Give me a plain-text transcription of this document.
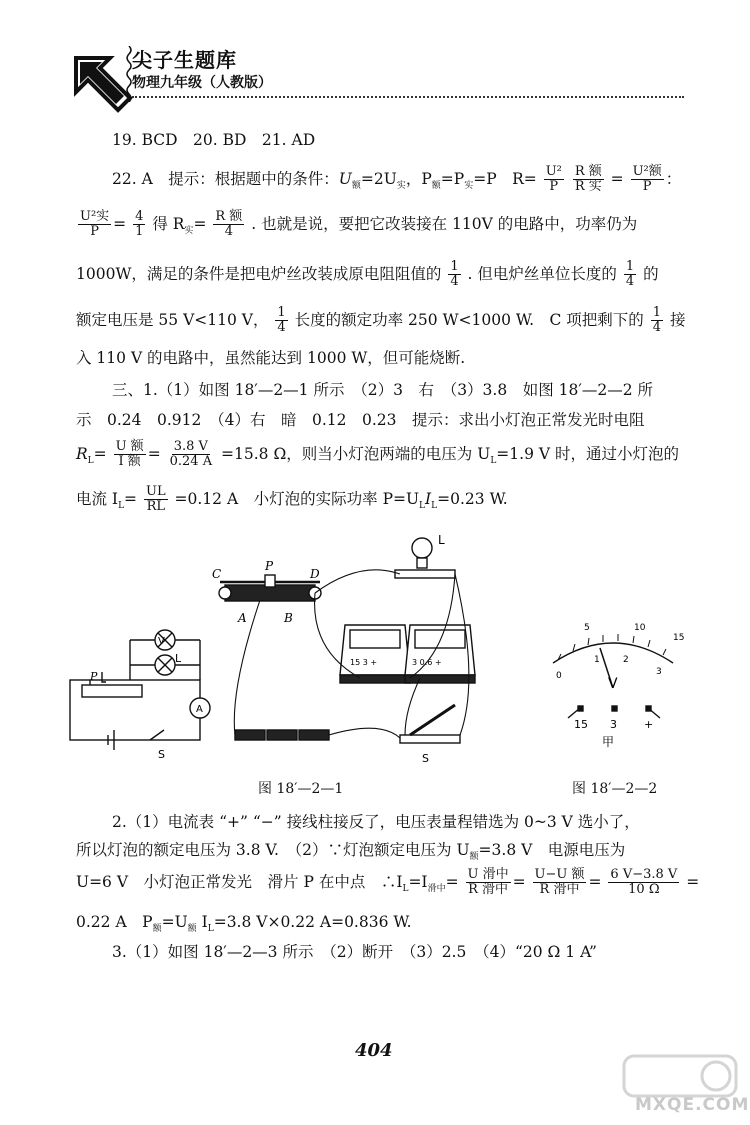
尖子生题库
物理九年级（人教版）
19. BCD　20. BD　21. AD
22. A　提示：根据题中的条件：$U_额=2U_实$，$P_额=P_实=P$　$R= \frac{\text{U²}}{P}$
$\frac{\text{R 额}}{\text{R 实}} = \frac{\text{U²额}}{P}$ ：
$\frac{\text{U²实}}{P} = \frac{4}{1}$ 得 $R_实= \frac{\text{R 额}}{4}$ . 也就是说，要把它改装接在 110V 的电路中，功率仍为
1000W，满足的条件是把电炉丝改装成原电阻阻值的 $\frac{1}{4}$ . 但电炉丝单位长度的 $\frac{1}{4}$ 的
额定电压是 55 V<110 V， $\frac{1}{4}$ 长度的额定功率 250 W<1000 W.　C 项把剩下的 $\frac{1}{4}$ 接
入 110 V 的电路中，虽然能达到 1000 W，但可能烧断.
三、1.（1）如图 18′—2—1 所示　（2）3　右　（3）3.8　如图 18′—2—2 所
示　0.24　0.912　（4）右　暗　0.12　0.23　提示：求出小灯泡正常发光时电阻
$R_L= \frac{\text{U 额}}{\text{I 额}} = \frac{3.8 V}{0.24 A} =15.8$ Ω，则当小灯泡两端的电压为 $U_L=1.9$ V 时，通过小灯泡的
电流 $I_L= \frac{UL}{RL} =0.12$ A　小灯泡的实际功率 $P=U_LI_L=0.23$ W.
V
L
P
A
S
C
P
D
A	B
L
15 3 +	3 0.6 +
S
5	10
15
0
1	2
3
V
15 3 +
甲
图 18′—2—1	图 18′—2—2
2.（1）电流表 “+” “−” 接线柱接反了，电压表量程错选为 0~3 V 选小了，
所以灯泡的额定电压为 3.8 V.　（2）∵灯泡额定电压为 $U_额=3.8$ V　电源电压为
U=6 V　小灯泡正常发光　滑片 P 在中点　$\therefore I_L=I_{滑中}= \frac{\text{U 滑中}}{\text{R 滑中}} = \frac{\text{U−U 额}}{\text{R 滑中}} = \frac{6 V-3.8 V}{10 \Omega}$ =
0.22 A　$P_额=U_额$ $I_L=3.8$ V×0.22 A=0.836 W.
3.（1）如图 18′—2—3 所示　（2）断开　（3）2.5　（4）“20 Ω 1 A”
404
MXQE.COM
